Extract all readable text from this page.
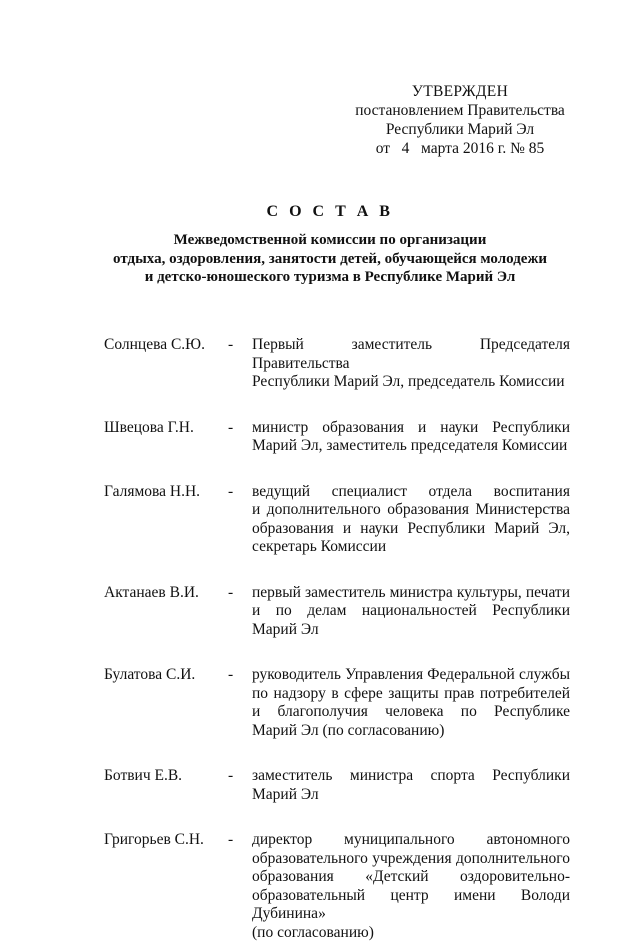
УТВЕРЖДЕН
постановлением Правительства
Республики Марий Эл
от   4   марта 2016 г. № 85
С О С Т А В
Межведомственной комиссии по организации
отдыха, оздоровления, занятости детей, обучающейся молодежи
и детско-юношеского туризма в Республике Марий Эл
Солнцева С.Ю.	-	Первый заместитель Председателя Правительства
Республики Марий Эл, председатель Комиссии
Швецова Г.Н.	-	министр образования и науки Республики
Марий Эл, заместитель председателя Комиссии
Галямова Н.Н.	-	ведущий специалист отдела воспитания
и дополнительного образования Министерства
образования и науки Республики Марий Эл,
секретарь Комиссии
Актанаев В.И.	-	первый заместитель министра культуры, печати
и по делам национальностей Республики
Марий Эл
Булатова С.И.	-	руководитель Управления Федеральной службы
по надзору в сфере защиты прав потребителей
и благополучия человека по Республике
Марий Эл (по согласованию)
Ботвич Е.В.	-	заместитель министра спорта Республики
Марий Эл
Григорьев С.Н.	-	директор муниципального автономного
образовательного учреждения дополнительного
образования «Детский оздоровительно-
образовательный центр имени Володи Дубинина»
(по согласованию)
